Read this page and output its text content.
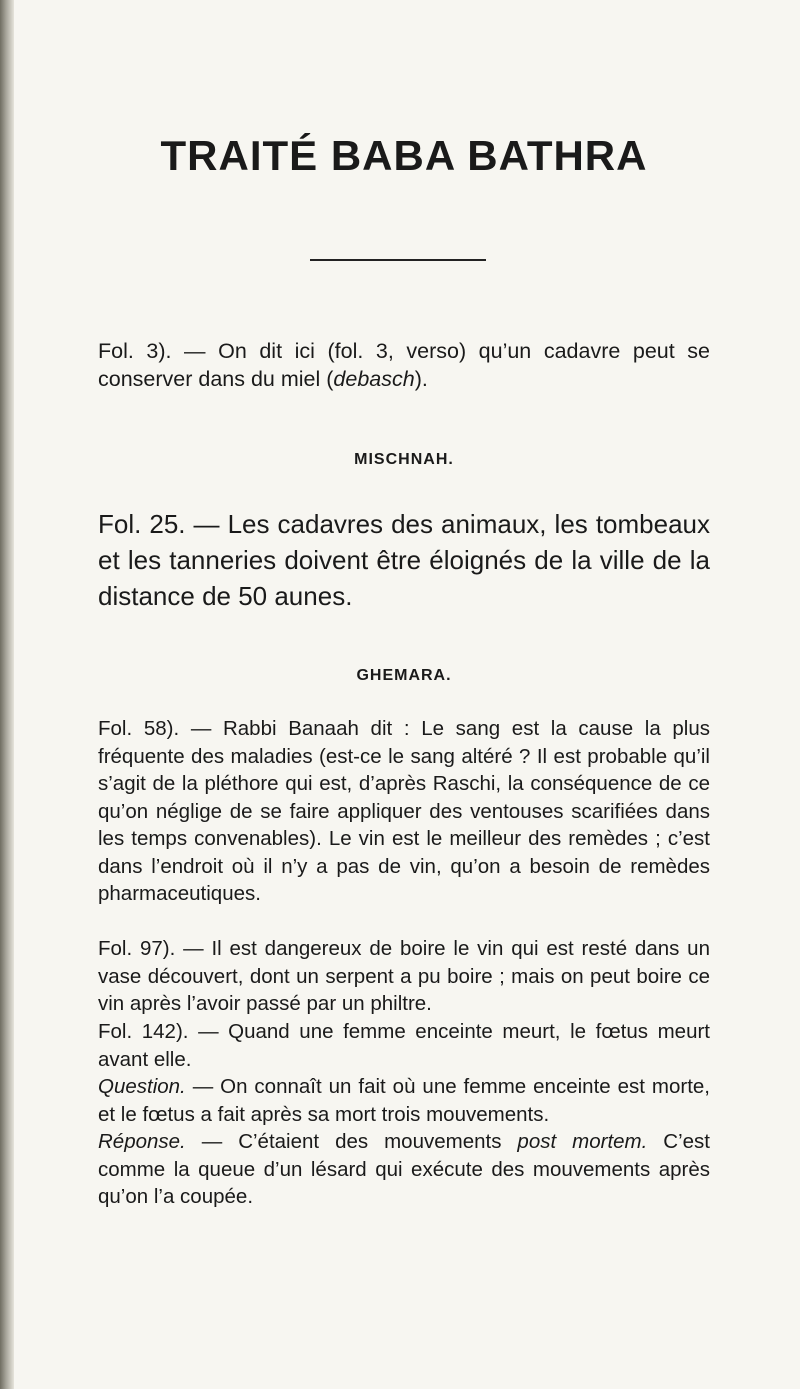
TRAITÉ BABA BATHRA

Fol. 3). — On dit ici (fol. 3, verso) qu’un cadavre peut se conserver dans du miel (debasch).

MISCHNAH.

Fol. 25. — Les cadavres des animaux, les tombeaux et les tanneries doivent être éloignés de la ville de la distance de 50 aunes.

GHEMARA.

Fol. 58). — Rabbi Banaah dit : Le sang est la cause la plus fréquente des maladies (est-ce le sang altéré ? Il est probable qu’il s’agit de la pléthore qui est, d’après Raschi, la conséquence de ce qu’on néglige de se faire appliquer des ventouses scarifiées dans les temps convenables). Le vin est le meilleur des remèdes ; c’est dans l’endroit où il n’y a pas de vin, qu’on a besoin de remèdes pharmaceutiques.

Fol. 97). — Il est dangereux de boire le vin qui est resté dans un vase découvert, dont un serpent a pu boire ; mais on peut boire ce vin après l’avoir passé par un philtre.

Fol. 142). — Quand une femme enceinte meurt, le fœtus meurt avant elle.

Question. — On connaît un fait où une femme enceinte est morte, et le fœtus a fait après sa mort trois mouvements.

Réponse. — C’étaient des mouvements post mortem. C’est comme la queue d’un lésard qui exécute des mouvements après qu’on l’a coupée.
